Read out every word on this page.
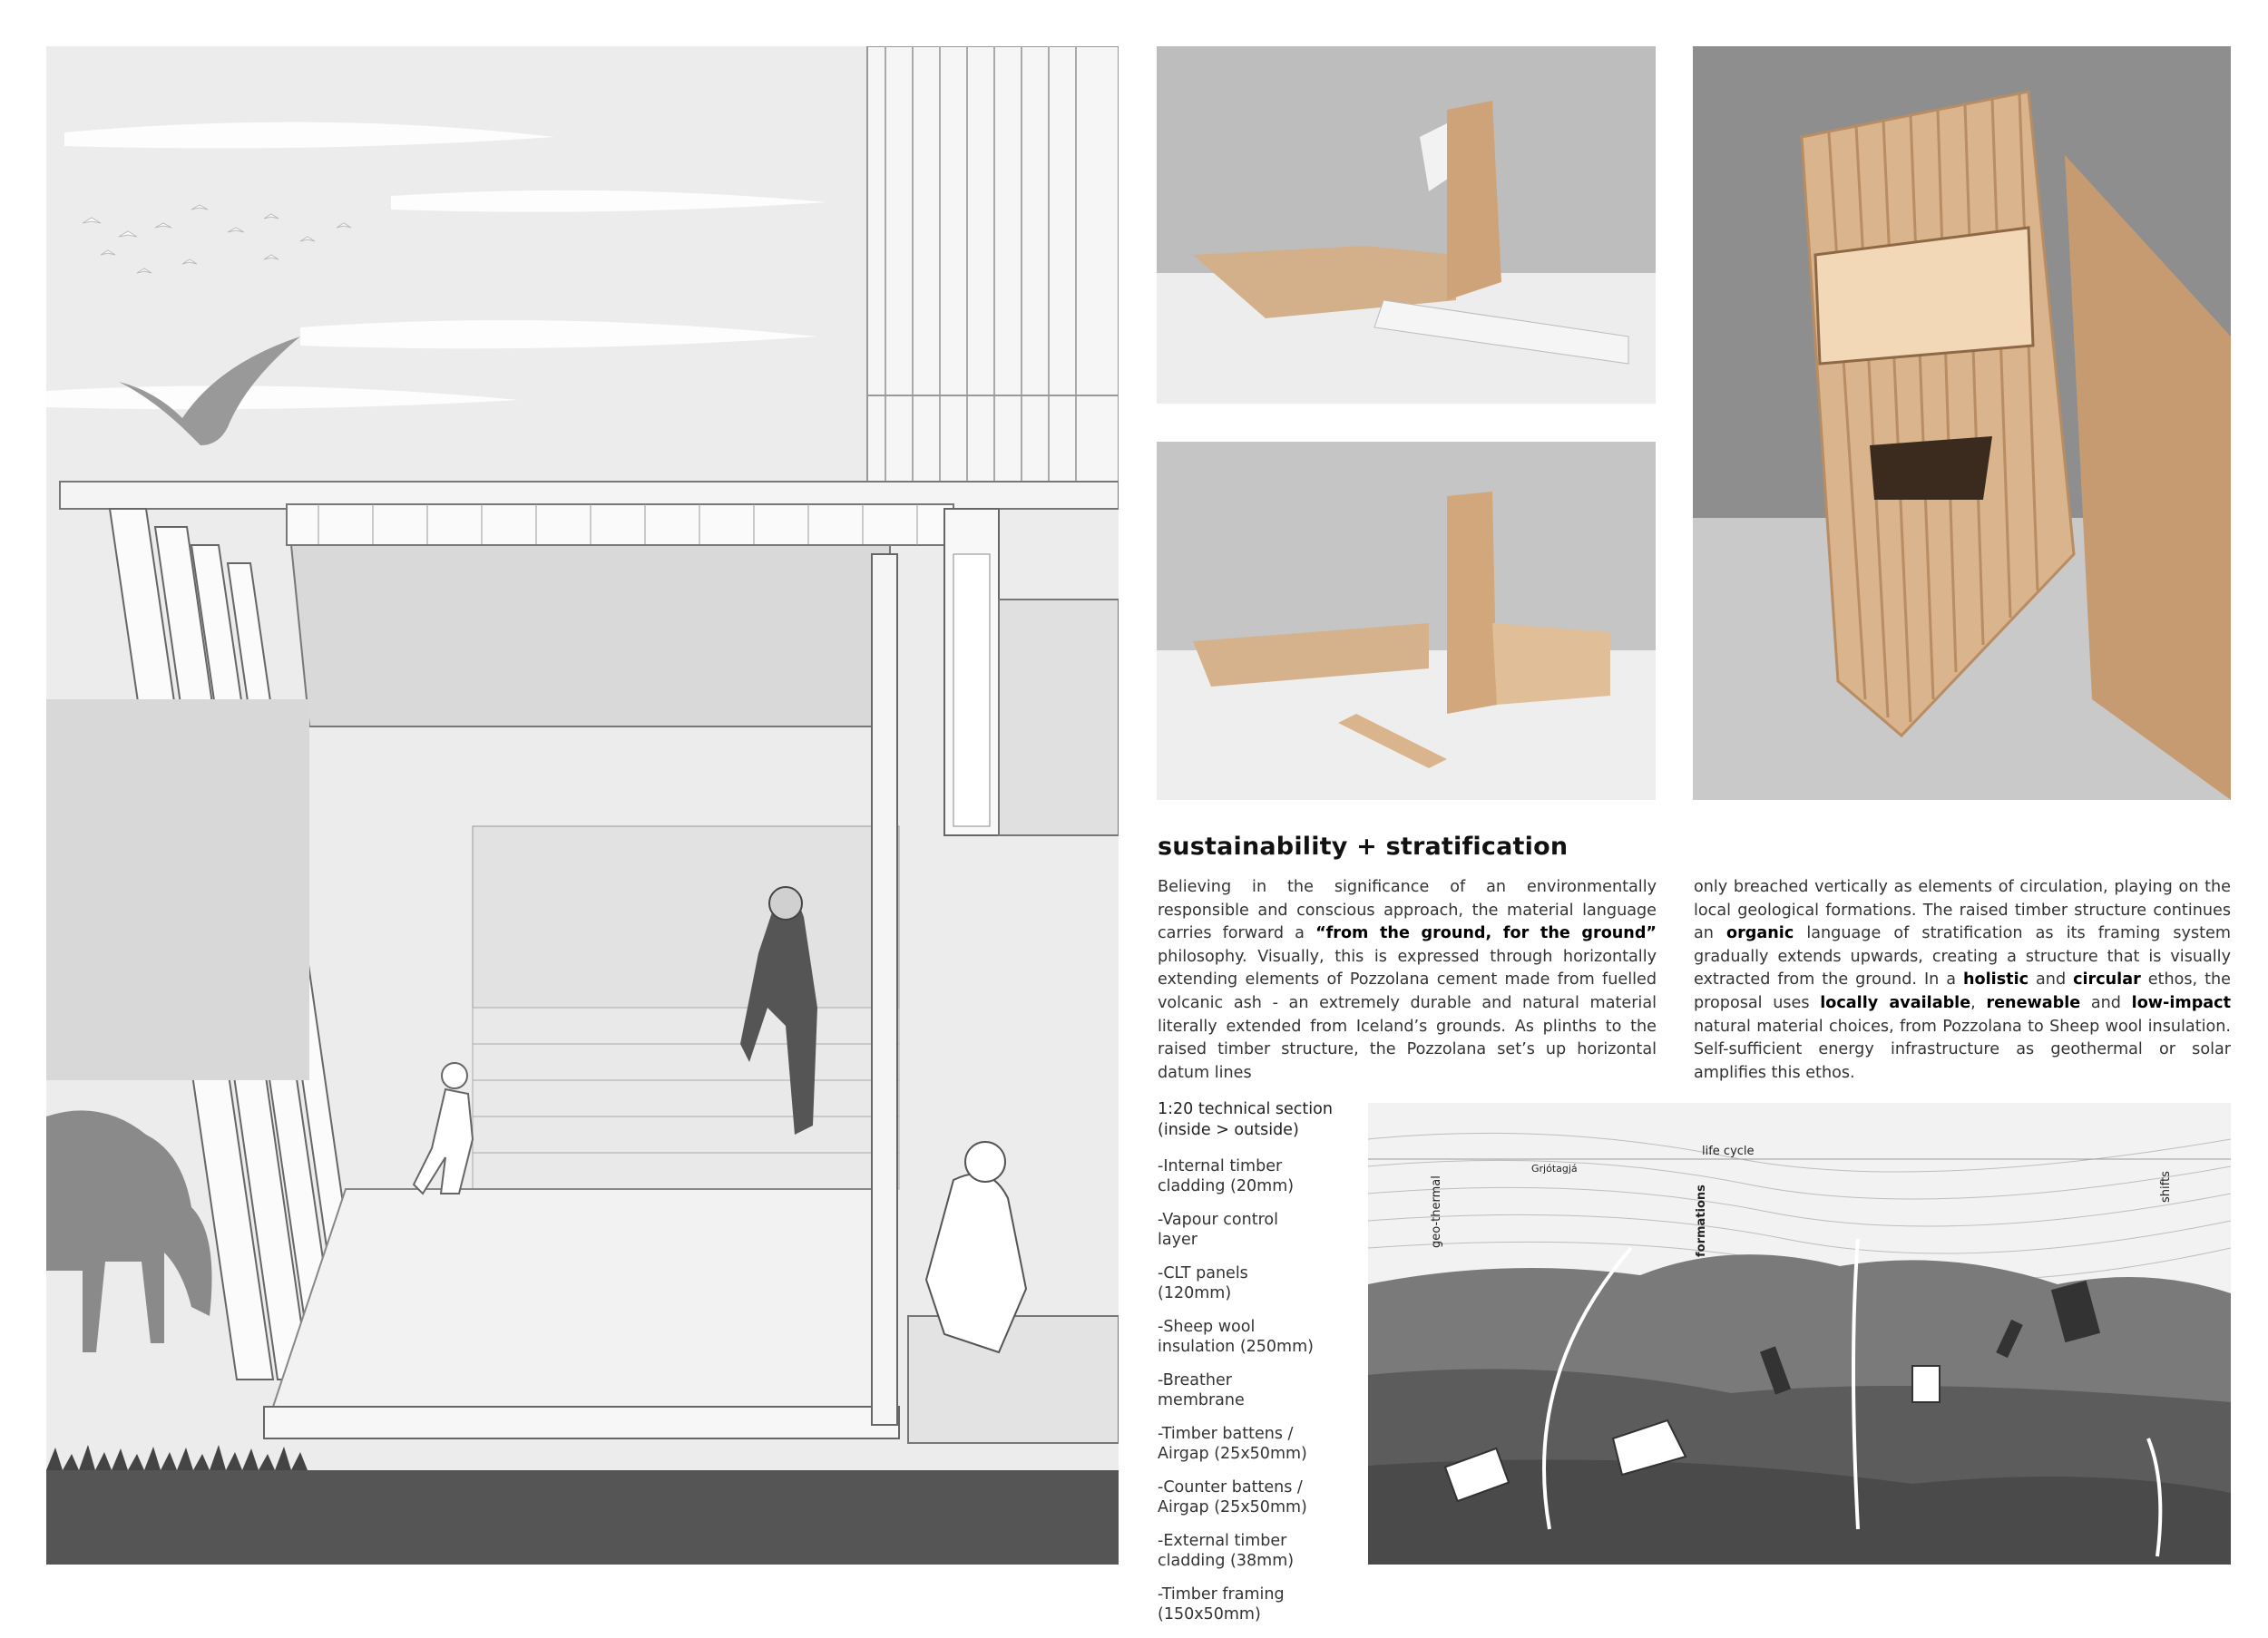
sustainability + stratification
Believing in the significance of an environmentally responsible and conscious approach, the material language carries forward a “from the ground, for the ground” philosophy. Visually, this is expressed through horizontally extending elements of Pozzolana cement made from fuelled volcanic ash - an extremely durable and natural material literally extended from Iceland’s grounds. As plinths to the raised timber structure, the Pozzolana set’s up horizontal datum lines
only breached vertically as elements of circulation, playing on the local geological formations. The raised timber structure continues an organic language of stratification as its framing system gradually extends upwards, creating a structure that is visually extracted from the ground. In a holistic and circular ethos, the proposal uses locally available, renewable and low-impact natural material choices, from Pozzolana to Sheep wool insulation. Self-sufficient energy infrastructure as geothermal or solar amplifies this ethos.
1:20 technical section
(inside > outside)
-Internal timber cladding (20mm)
-Vapour control layer
-CLT panels (120mm)
-Sheep wool insulation (250mm)
-Breather membrane
-Timber battens / Airgap (25x50mm)
-Counter battens / Airgap (25x50mm)
-External timber cladding (38mm)
-Timber framing (150x50mm)
geo-thermal
Grjótagjá
life cycle
formations	shifts
